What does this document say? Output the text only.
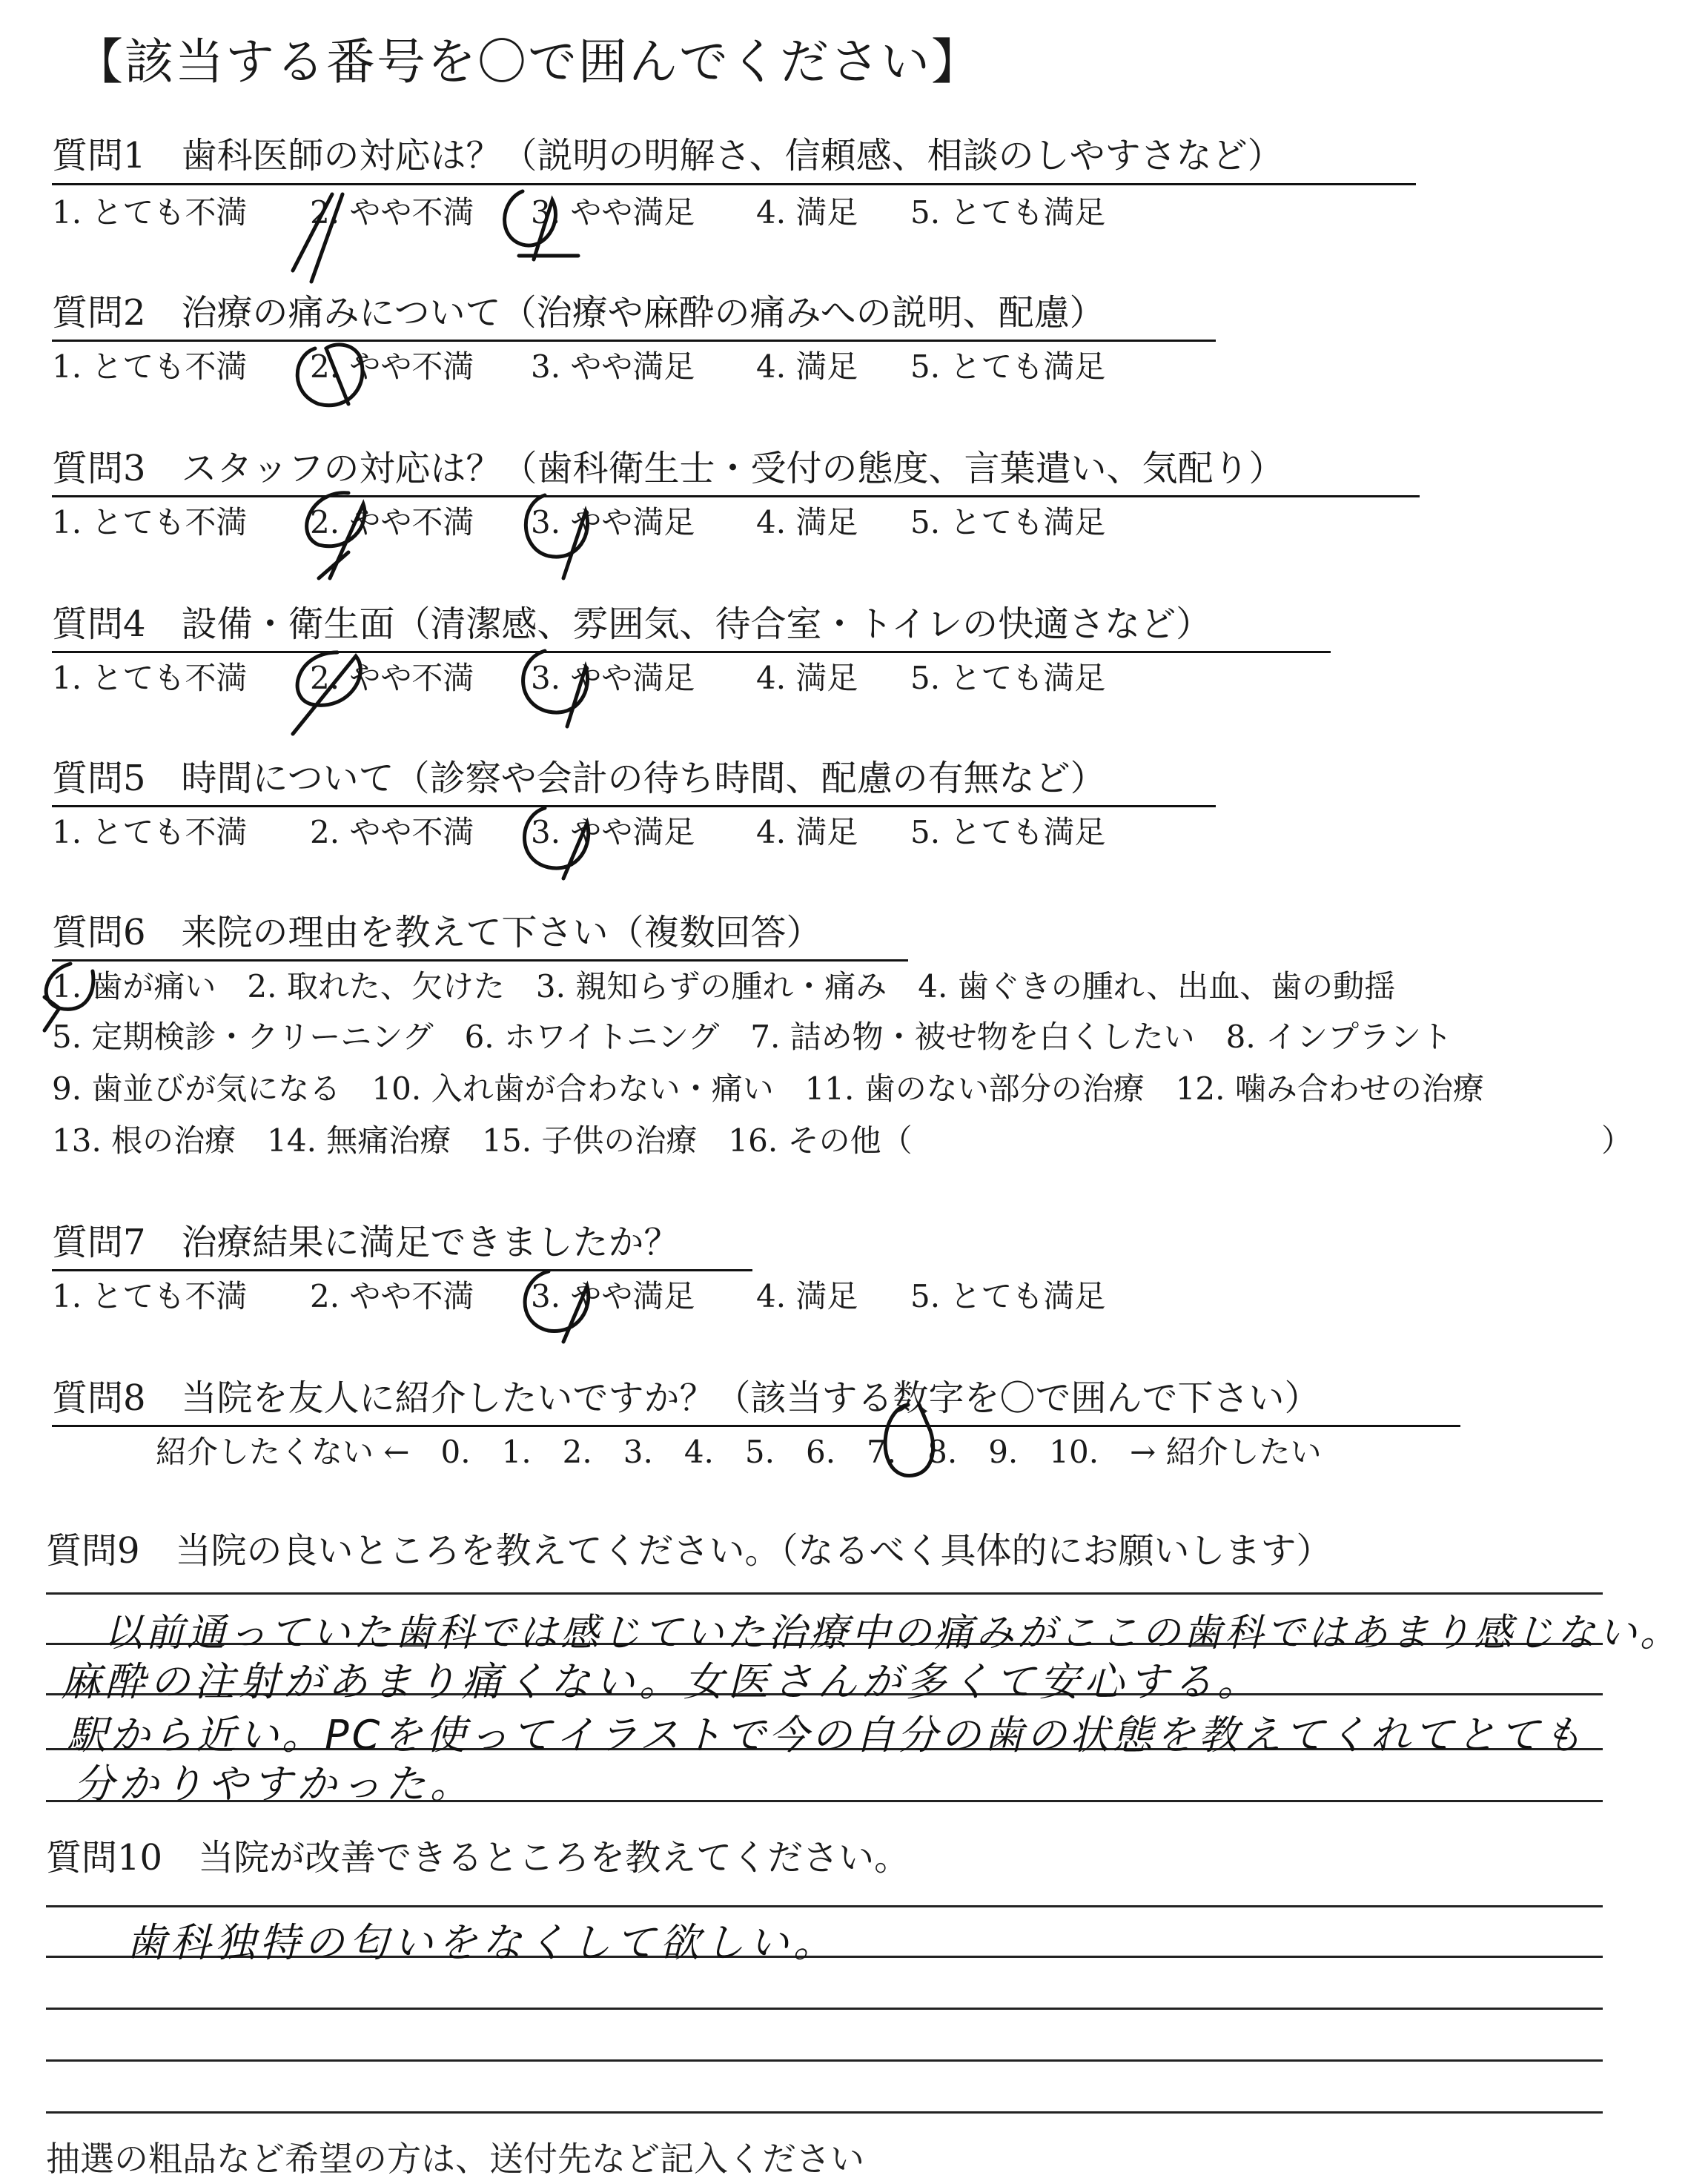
【該当する番号を〇で囲んでください】
質問1　歯科医師の対応は？（説明の明解さ、信頼感、相談のしやすさなど）
1. とても不満 2. やや不満 3. やや満足 4. 満足 5. とても満足
質問2　治療の痛みについて（治療や麻酔の痛みへの説明、配慮）
1. とても不満 2. やや不満 3. やや満足 4. 満足 5. とても満足
質問3　スタッフの対応は？（歯科衛生士・受付の態度、言葉遣い、気配り）
1. とても不満 2. やや不満 3. やや満足 4. 満足 5. とても満足
質問4　設備・衛生面（清潔感、雰囲気、待合室・トイレの快適さなど）
1. とても不満 2. やや不満 3. やや満足 4. 満足 5. とても満足
質問5　時間について（診察や会計の待ち時間、配慮の有無など）
1. とても不満 2. やや不満 3. やや満足 4. 満足 5. とても満足
質問6　来院の理由を教えて下さい（複数回答）
1. 歯が痛い　2. 取れた、欠けた　3. 親知らずの腫れ・痛み　4. 歯ぐきの腫れ、出血、歯の動揺
5. 定期検診・クリーニング　6. ホワイトニング　7. 詰め物・被せ物を白くしたい　8. インプラント
9. 歯並びが気になる　10. 入れ歯が合わない・痛い　11. 歯のない部分の治療　12. 噛み合わせの治療
13. 根の治療　14. 無痛治療　15. 子供の治療　16. その他（	）
質問7　治療結果に満足できましたか？
1. とても不満 2. やや不満 3. やや満足 4. 満足 5. とても満足
質問8　当院を友人に紹介したいですか？（該当する数字を〇で囲んで下さい）
紹介したくない ←　0.　1.　2.　3.　4.　5.　6.　7.　8.　9.　10.　→ 紹介したい
質問9　当院の良いところを教えてください。（なるべく具体的にお願いします）
以前通っていた歯科では感じていた治療中の痛みがここの歯科ではあまり感じない。
麻酔の注射があまり痛くない。女医さんが多くて安心する。
駅から近い。PCを使ってイラストで今の自分の歯の状態を教えてくれてとても
分かりやすかった。
質問10　当院が改善できるところを教えてください。
歯科独特の匂いをなくして欲しい。
抽選の粗品など希望の方は、送付先など記入ください
